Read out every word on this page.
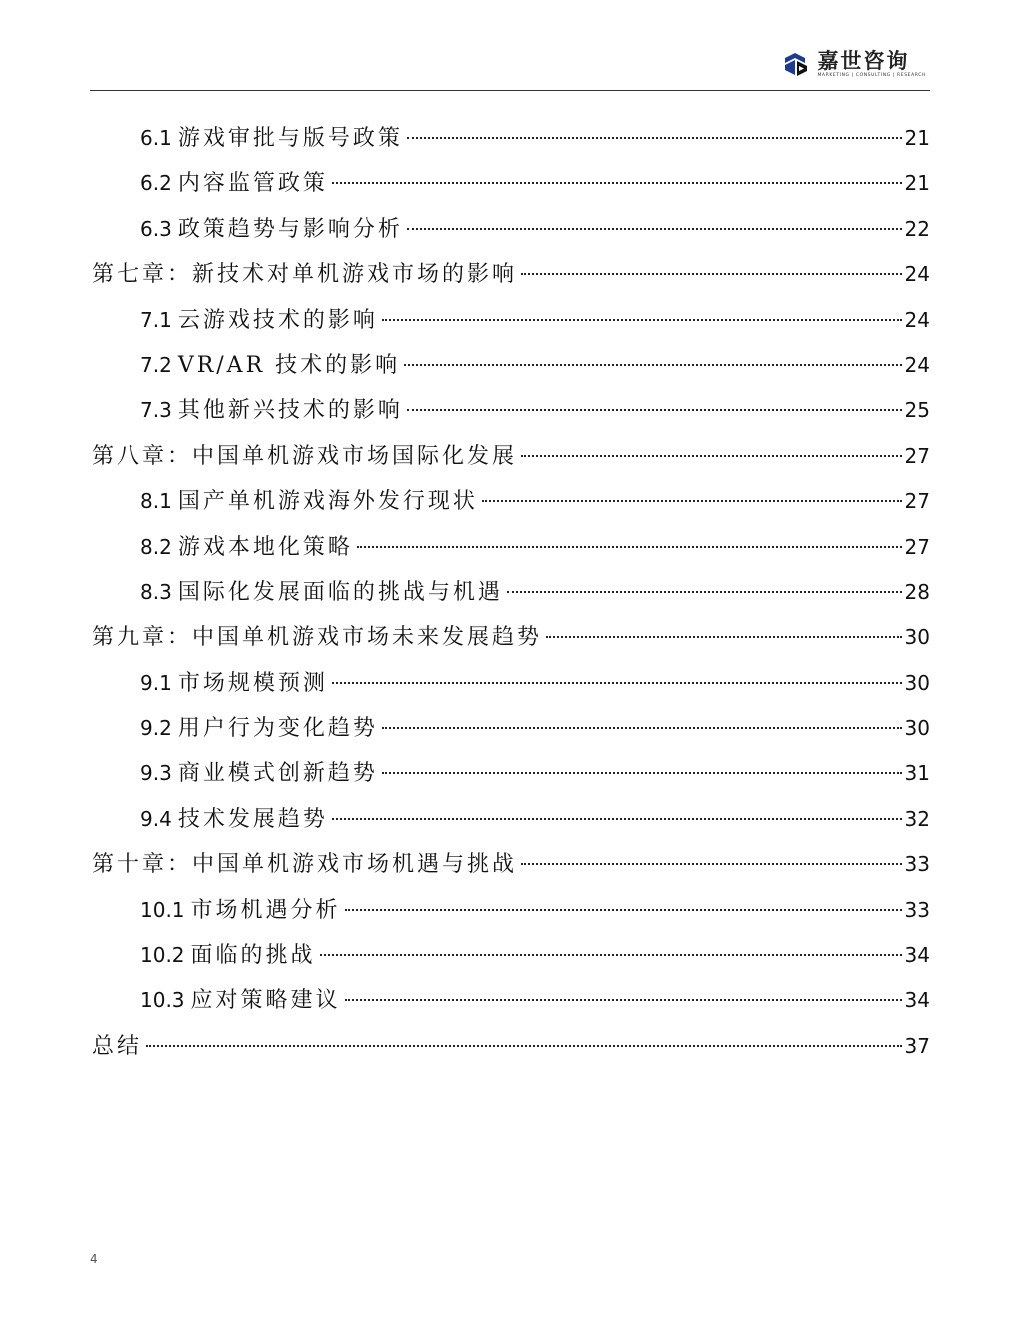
嘉世咨询
MARKETING | CONSULTING | RESEARCH
6.1 游戏审批与版号政策	21
6.2 内容监管政策	21
6.3 政策趋势与影响分析	22
第七章：新技术对单机游戏市场的影响	24
7.1 云游戏技术的影响	24
7.2 VR/AR 技术的影响	24
7.3 其他新兴技术的影响	25
第八章：中国单机游戏市场国际化发展	27
8.1 国产单机游戏海外发行现状	27
8.2 游戏本地化策略	27
8.3 国际化发展面临的挑战与机遇	28
第九章：中国单机游戏市场未来发展趋势	30
9.1 市场规模预测	30
9.2 用户行为变化趋势	30
9.3 商业模式创新趋势	31
9.4 技术发展趋势	32
第十章：中国单机游戏市场机遇与挑战	33
10.1 市场机遇分析	33
10.2 面临的挑战	34
10.3 应对策略建议	34
总结	37
4
